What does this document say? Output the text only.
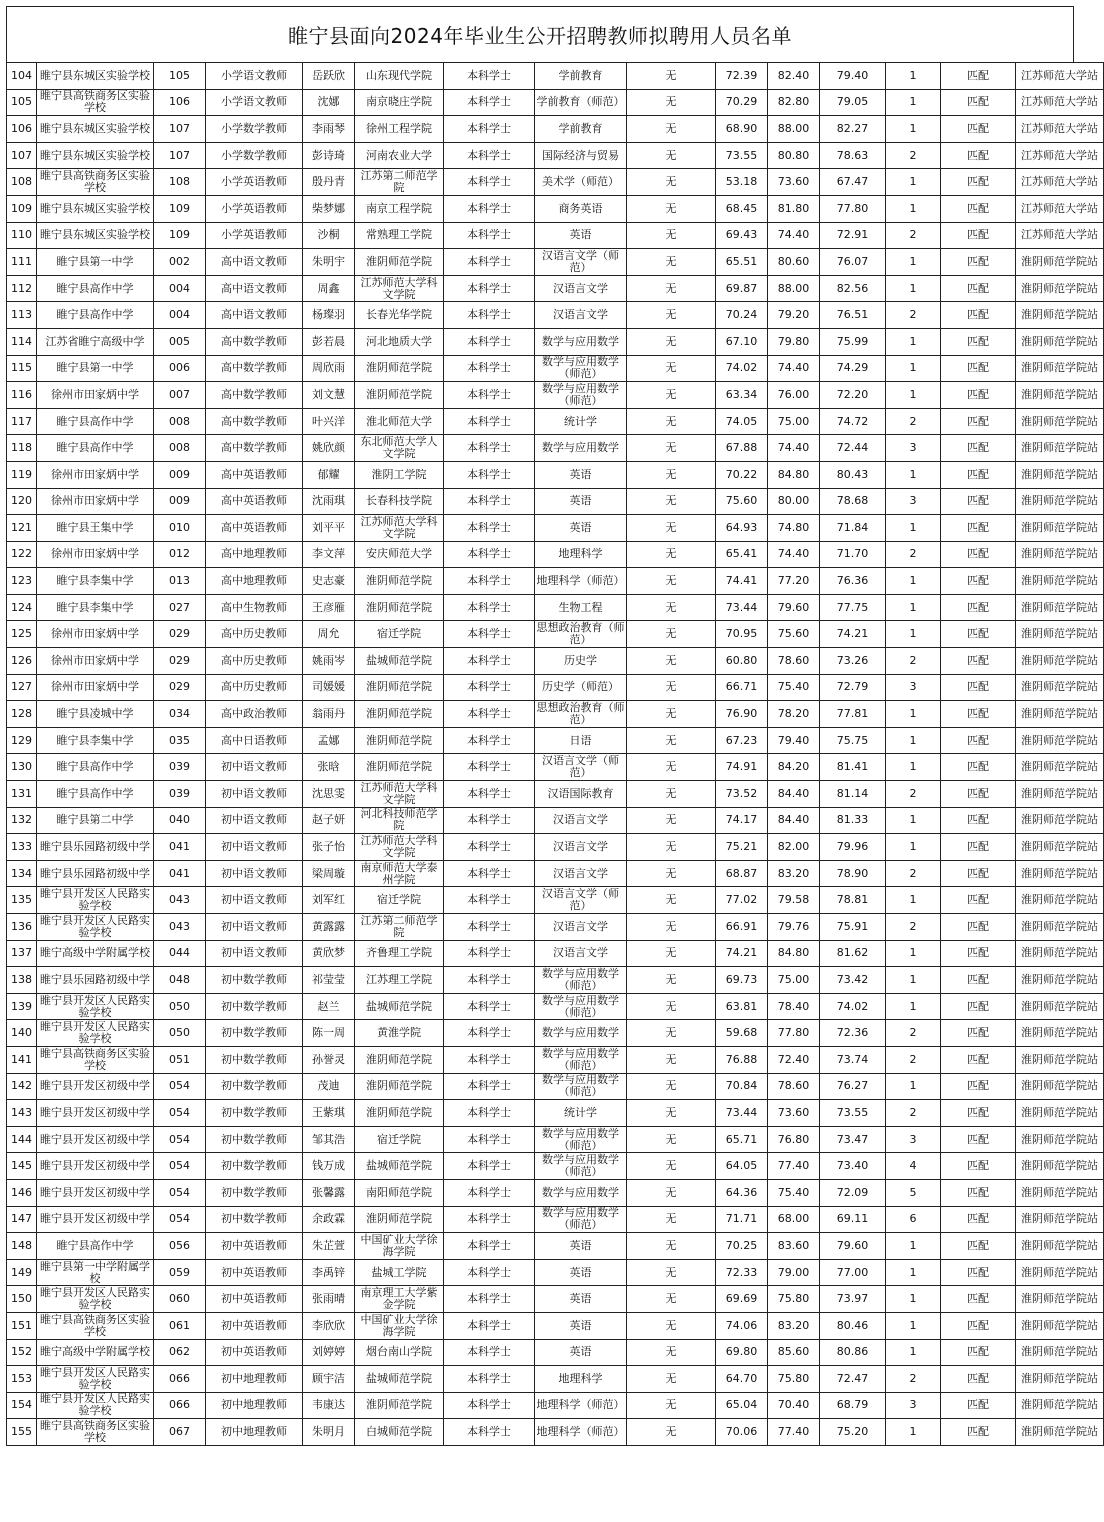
睢宁县面向2024年毕业生公开招聘教师拟聘用人员名单
104	睢宁县东城区实验学校	105	小学语文教师	岳跃欣	山东现代学院	本科学士	学前教育	无	72.39	82.40	79.40	1	匹配	江苏师范大学站
105	睢宁县高铁商务区实验学校	106	小学语文教师	沈娜	南京晓庄学院	本科学士	学前教育（师范）	无	70.29	82.80	79.05	1	匹配	江苏师范大学站
106	睢宁县东城区实验学校	107	小学数学教师	李雨琴	徐州工程学院	本科学士	学前教育	无	68.90	88.00	82.27	1	匹配	江苏师范大学站
107	睢宁县东城区实验学校	107	小学数学教师	彭诗琦	河南农业大学	本科学士	国际经济与贸易	无	73.55	80.80	78.63	2	匹配	江苏师范大学站
108	睢宁县高铁商务区实验学校	108	小学英语教师	殷丹青	江苏第二师范学院	本科学士	美术学（师范）	无	53.18	73.60	67.47	1	匹配	江苏师范大学站
109	睢宁县东城区实验学校	109	小学英语教师	柴梦娜	南京工程学院	本科学士	商务英语	无	68.45	81.80	77.80	1	匹配	江苏师范大学站
110	睢宁县东城区实验学校	109	小学英语教师	沙桐	常熟理工学院	本科学士	英语	无	69.43	74.40	72.91	2	匹配	江苏师范大学站
111	睢宁县第一中学	002	高中语文教师	朱明宇	淮阴师范学院	本科学士	汉语言文学（师范）	无	65.51	80.60	76.07	1	匹配	淮阴师范学院站
112	睢宁县高作中学	004	高中语文教师	周鑫	江苏师范大学科文学院	本科学士	汉语言文学	无	69.87	88.00	82.56	1	匹配	淮阴师范学院站
113	睢宁县高作中学	004	高中语文教师	杨璨羽	长春光华学院	本科学士	汉语言文学	无	70.24	79.20	76.51	2	匹配	淮阴师范学院站
114	江苏省睢宁高级中学	005	高中数学教师	彭若晨	河北地质大学	本科学士	数学与应用数学	无	67.10	79.80	75.99	1	匹配	淮阴师范学院站
115	睢宁县第一中学	006	高中数学教师	周欣雨	淮阴师范学院	本科学士	数学与应用数学（师范）	无	74.02	74.40	74.29	1	匹配	淮阴师范学院站
116	徐州市田家炳中学	007	高中数学教师	刘文慧	淮阴师范学院	本科学士	数学与应用数学（师范）	无	63.34	76.00	72.20	1	匹配	淮阴师范学院站
117	睢宁县高作中学	008	高中数学教师	叶兴洋	淮北师范大学	本科学士	统计学	无	74.05	75.00	74.72	2	匹配	淮阴师范学院站
118	睢宁县高作中学	008	高中数学教师	姚欣颜	东北师范大学人文学院	本科学士	数学与应用数学	无	67.88	74.40	72.44	3	匹配	淮阴师范学院站
119	徐州市田家炳中学	009	高中英语教师	郁耀	淮阴工学院	本科学士	英语	无	70.22	84.80	80.43	1	匹配	淮阴师范学院站
120	徐州市田家炳中学	009	高中英语教师	沈雨琪	长春科技学院	本科学士	英语	无	75.60	80.00	78.68	3	匹配	淮阴师范学院站
121	睢宁县王集中学	010	高中英语教师	刘平平	江苏师范大学科文学院	本科学士	英语	无	64.93	74.80	71.84	1	匹配	淮阴师范学院站
122	徐州市田家炳中学	012	高中地理教师	李文萍	安庆师范大学	本科学士	地理科学	无	65.41	74.40	71.70	2	匹配	淮阴师范学院站
123	睢宁县李集中学	013	高中地理教师	史志豪	淮阴师范学院	本科学士	地理科学（师范）	无	74.41	77.20	76.36	1	匹配	淮阴师范学院站
124	睢宁县李集中学	027	高中生物教师	王彦雁	淮阴师范学院	本科学士	生物工程	无	73.44	79.60	77.75	1	匹配	淮阴师范学院站
125	徐州市田家炳中学	029	高中历史教师	周允	宿迁学院	本科学士	思想政治教育（师范）	无	70.95	75.60	74.21	1	匹配	淮阴师范学院站
126	徐州市田家炳中学	029	高中历史教师	姚雨岑	盐城师范学院	本科学士	历史学	无	60.80	78.60	73.26	2	匹配	淮阴师范学院站
127	徐州市田家炳中学	029	高中历史教师	司媛媛	淮阴师范学院	本科学士	历史学（师范）	无	66.71	75.40	72.79	3	匹配	淮阴师范学院站
128	睢宁县凌城中学	034	高中政治教师	翁雨丹	淮阴师范学院	本科学士	思想政治教育（师范）	无	76.90	78.20	77.81	1	匹配	淮阴师范学院站
129	睢宁县李集中学	035	高中日语教师	孟娜	淮阴师范学院	本科学士	日语	无	67.23	79.40	75.75	1	匹配	淮阴师范学院站
130	睢宁县高作中学	039	初中语文教师	张晗	淮阴师范学院	本科学士	汉语言文学（师范）	无	74.91	84.20	81.41	1	匹配	淮阴师范学院站
131	睢宁县高作中学	039	初中语文教师	沈思雯	江苏师范大学科文学院	本科学士	汉语国际教育	无	73.52	84.40	81.14	2	匹配	淮阴师范学院站
132	睢宁县第二中学	040	初中语文教师	赵子妍	河北科技师范学院	本科学士	汉语言文学	无	74.17	84.40	81.33	1	匹配	淮阴师范学院站
133	睢宁县乐园路初级中学	041	初中语文教师	张子怡	江苏师范大学科文学院	本科学士	汉语言文学	无	75.21	82.00	79.96	1	匹配	淮阴师范学院站
134	睢宁县乐园路初级中学	041	初中语文教师	梁周璇	南京师范大学泰州学院	本科学士	汉语言文学	无	68.87	83.20	78.90	2	匹配	淮阴师范学院站
135	睢宁县开发区人民路实验学校	043	初中语文教师	刘军红	宿迁学院	本科学士	汉语言文学（师范）	无	77.02	79.58	78.81	1	匹配	淮阴师范学院站
136	睢宁县开发区人民路实验学校	043	初中语文教师	黄露露	江苏第二师范学院	本科学士	汉语言文学	无	66.91	79.76	75.91	2	匹配	淮阴师范学院站
137	睢宁高级中学附属学校	044	初中语文教师	黄欣梦	齐鲁理工学院	本科学士	汉语言文学	无	74.21	84.80	81.62	1	匹配	淮阴师范学院站
138	睢宁县乐园路初级中学	048	初中数学教师	祁莹莹	江苏理工学院	本科学士	数学与应用数学（师范）	无	69.73	75.00	73.42	1	匹配	淮阴师范学院站
139	睢宁县开发区人民路实验学校	050	初中数学教师	赵兰	盐城师范学院	本科学士	数学与应用数学（师范）	无	63.81	78.40	74.02	1	匹配	淮阴师范学院站
140	睢宁县开发区人民路实验学校	050	初中数学教师	陈一周	黄淮学院	本科学士	数学与应用数学	无	59.68	77.80	72.36	2	匹配	淮阴师范学院站
141	睢宁县高铁商务区实验学校	051	初中数学教师	孙誉灵	淮阴师范学院	本科学士	数学与应用数学（师范）	无	76.88	72.40	73.74	2	匹配	淮阴师范学院站
142	睢宁县开发区初级中学	054	初中数学教师	茂迪	淮阴师范学院	本科学士	数学与应用数学（师范）	无	70.84	78.60	76.27	1	匹配	淮阴师范学院站
143	睢宁县开发区初级中学	054	初中数学教师	王紫琪	淮阴师范学院	本科学士	统计学	无	73.44	73.60	73.55	2	匹配	淮阴师范学院站
144	睢宁县开发区初级中学	054	初中数学教师	邹其浩	宿迁学院	本科学士	数学与应用数学（师范）	无	65.71	76.80	73.47	3	匹配	淮阴师范学院站
145	睢宁县开发区初级中学	054	初中数学教师	钱万成	盐城师范学院	本科学士	数学与应用数学（师范）	无	64.05	77.40	73.40	4	匹配	淮阴师范学院站
146	睢宁县开发区初级中学	054	初中数学教师	张馨露	南阳师范学院	本科学士	数学与应用数学	无	64.36	75.40	72.09	5	匹配	淮阴师范学院站
147	睢宁县开发区初级中学	054	初中数学教师	余政霖	淮阴师范学院	本科学士	数学与应用数学（师范）	无	71.71	68.00	69.11	6	匹配	淮阴师范学院站
148	睢宁县高作中学	056	初中英语教师	朱芷萱	中国矿业大学徐海学院	本科学士	英语	无	70.25	83.60	79.60	1	匹配	淮阴师范学院站
149	睢宁县第一中学附属学校	059	初中英语教师	李禹锌	盐城工学院	本科学士	英语	无	72.33	79.00	77.00	1	匹配	淮阴师范学院站
150	睢宁县开发区人民路实验学校	060	初中英语教师	张雨晴	南京理工大学紫金学院	本科学士	英语	无	69.69	75.80	73.97	1	匹配	淮阴师范学院站
151	睢宁县高铁商务区实验学校	061	初中英语教师	李欣欣	中国矿业大学徐海学院	本科学士	英语	无	74.06	83.20	80.46	1	匹配	淮阴师范学院站
152	睢宁高级中学附属学校	062	初中英语教师	刘婷婷	烟台南山学院	本科学士	英语	无	69.80	85.60	80.86	1	匹配	淮阴师范学院站
153	睢宁县开发区人民路实验学校	066	初中地理教师	顾宇洁	盐城师范学院	本科学士	地理科学	无	64.70	75.80	72.47	2	匹配	淮阴师范学院站
154	睢宁县开发区人民路实验学校	066	初中地理教师	韦康达	淮阴师范学院	本科学士	地理科学（师范）	无	65.04	70.40	68.79	3	匹配	淮阴师范学院站
155	睢宁县高铁商务区实验学校	067	初中地理教师	朱明月	白城师范学院	本科学士	地理科学（师范）	无	70.06	77.40	75.20	1	匹配	淮阴师范学院站
